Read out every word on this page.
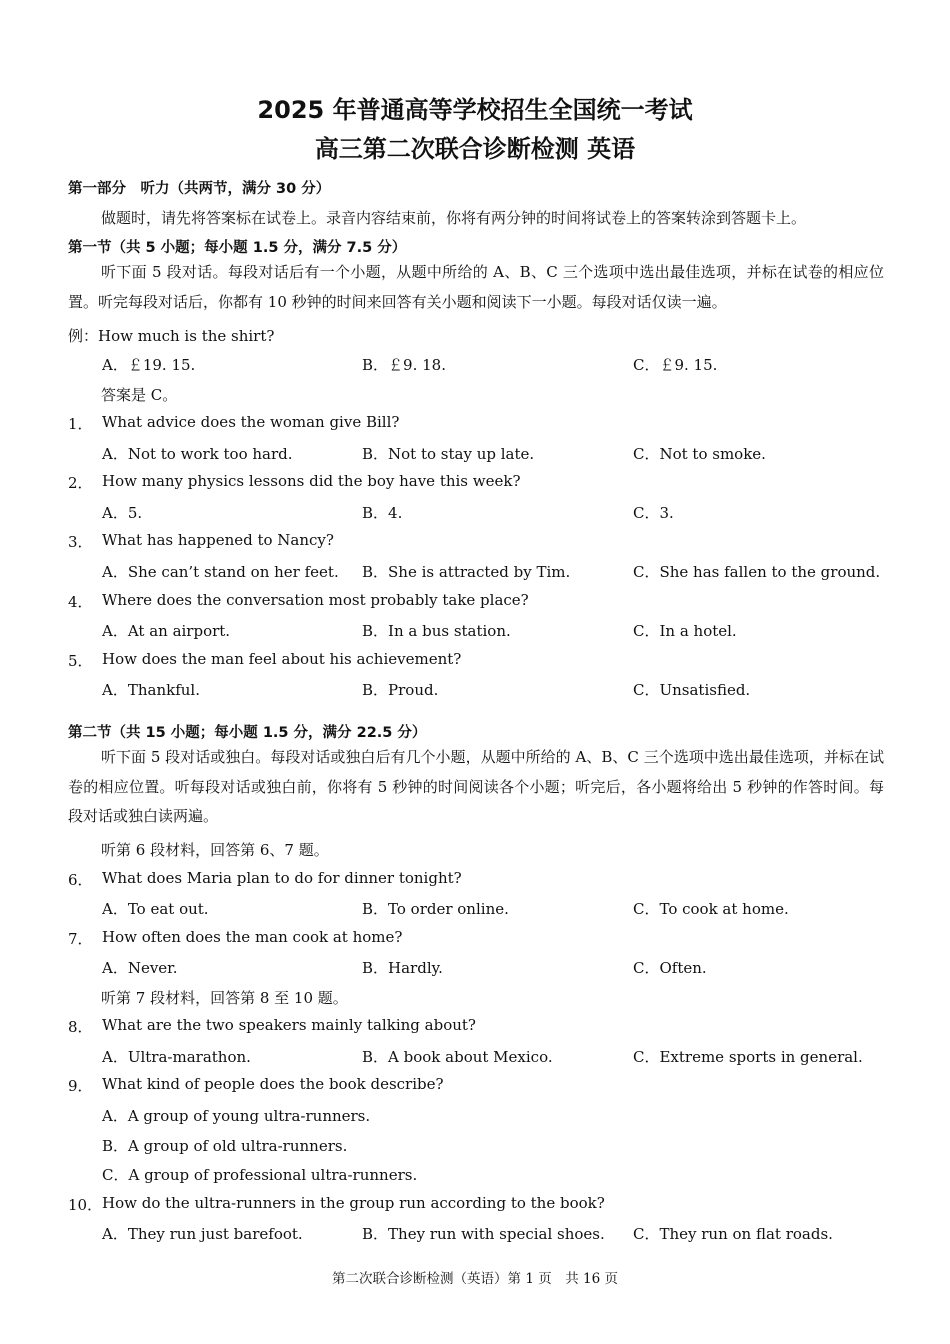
2025 年普通高等学校招生全国统一考试
高三第二次联合诊断检测 英语
第一部分　听力（共两节，满分 30 分）
做题时，请先将答案标在试卷上。录音内容结束前，你将有两分钟的时间将试卷上的答案转涂到答题卡上。
第一节（共 5 小题；每小题 1.5 分，满分 7.5 分）
听下面 5 段对话。每段对话后有一个小题，从题中所给的 A、B、C 三个选项中选出最佳选项，并标在试卷的相应位置。听完每段对话后，你都有 10 秒钟的时间来回答有关小题和阅读下一小题。每段对话仅读一遍。
例：How much is the shirt?
A．￡19. 15.	B．￡9. 18.	C．￡9. 15.
答案是 C。
1． What advice does the woman give Bill?
A．Not to work too hard.	B．Not to stay up late.	C．Not to smoke.
2． How many physics lessons did the boy have this week?
A．5.	B．4.	C．3.
3． What has happened to Nancy?
A．She can’t stand on her feet. B．She is attracted by Tim.	C．She has fallen to the ground.
4． Where does the conversation most probably take place?
A．At an airport.	B．In a bus station.	C．In a hotel.
5． How does the man feel about his achievement?
A．Thankful.	B．Proud.	C．Unsatisfied.
第二节（共 15 小题；每小题 1.5 分，满分 22.5 分）
听下面 5 段对话或独白。每段对话或独白后有几个小题，从题中所给的 A、B、C 三个选项中选出最佳选项，并标在试卷的相应位置。听每段对话或独白前，你将有 5 秒钟的时间阅读各个小题；听完后，各小题将给出 5 秒钟的作答时间。每段对话或独白读两遍。
听第 6 段材料，回答第 6、7 题。
6． What does Maria plan to do for dinner tonight?
A．To eat out.	B．To order online.	C．To cook at home.
7． How often does the man cook at home?
A．Never.	B．Hardly.	C．Often.
听第 7 段材料，回答第 8 至 10 题。
8． What are the two speakers mainly talking about?
A．Ultra-marathon.	B．A book about Mexico.	C．Extreme sports in general.
9． What kind of people does the book describe?
A．A group of young ultra-runners.
B．A group of old ultra-runners.
C．A group of professional ultra-runners.
10． How do the ultra-runners in the group run according to the book?
A．They run just barefoot.	B．They run with special shoes. C．They run on flat roads.
第二次联合诊断检测（英语）第 1 页　共 16 页
